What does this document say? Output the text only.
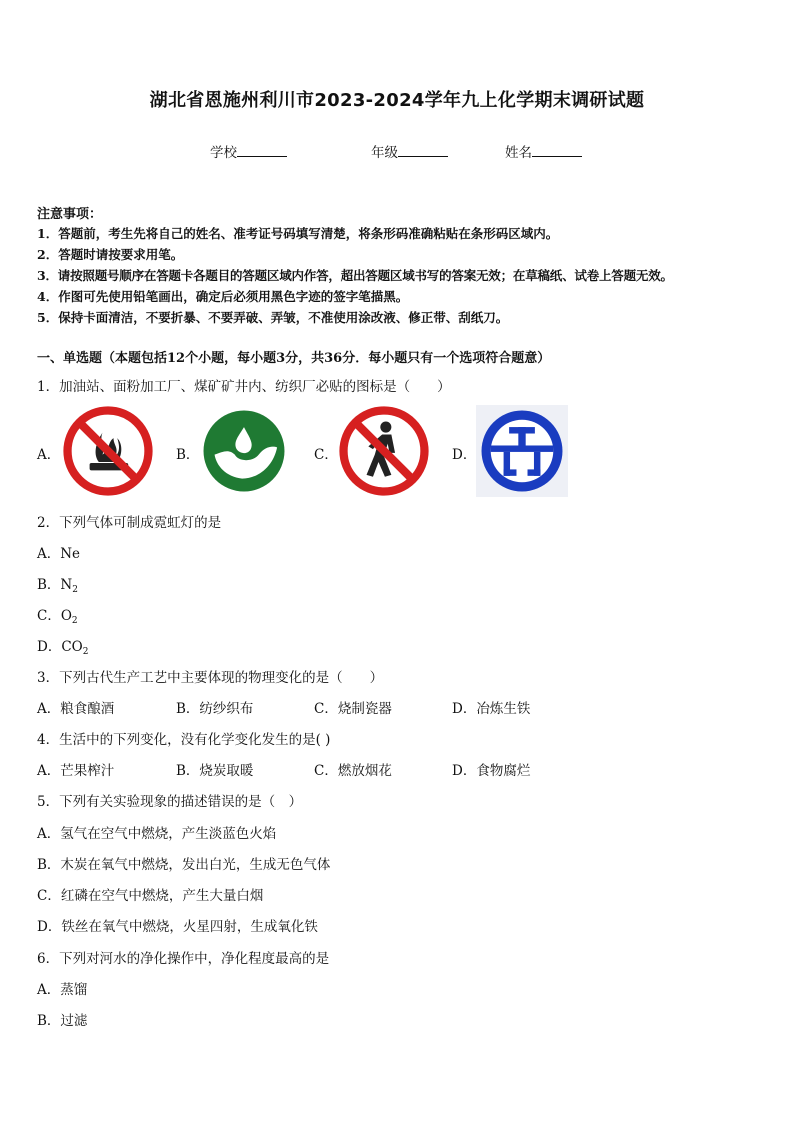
湖北省恩施州利川市2023-2024学年九上化学期末调研试题
学校	年级	姓名
注意事项：
1．答题前，考生先将自己的姓名、准考证号码填写清楚，将条形码准确粘贴在条形码区域内。
2．答题时请按要求用笔。
3．请按照题号顺序在答题卡各题目的答题区域内作答，超出答题区域书写的答案无效；在草稿纸、试卷上答题无效。
4．作图可先使用铅笔画出，确定后必须用黑色字迹的签字笔描黑。
5．保持卡面清洁，不要折暴、不要弄破、弄皱，不准使用涂改液、修正带、刮纸刀。
一、单选题（本题包括12个小题，每小题3分，共36分．每小题只有一个选项符合题意）
1．加油站、面粉加工厂、煤矿矿井内、纺织厂必贴的图标是（　　）
A．	B．	C．	D．
2．下列气体可制成霓虹灯的是
A．Ne
B．$N_2$
C．$O_2$
D．$CO_2$
3．下列古代生产工艺中主要体现的物理变化的是（　　）
A．粮食酿酒	B．纺纱织布	C．烧制瓷器	D．冶炼生铁
4．生活中的下列变化，没有化学变化发生的是( )
A．芒果榨汁	B．烧炭取暖	C．燃放烟花	D．食物腐烂
5．下列有关实验现象的描述错误的是（　）
A．氢气在空气中燃烧，产生淡蓝色火焰
B．木炭在氧气中燃烧，发出白光，生成无色气体
C．红磷在空气中燃烧，产生大量白烟
D．铁丝在氧气中燃烧，火星四射，生成氧化铁
6．下列对河水的净化操作中，净化程度最高的是
A．蒸馏
B．过滤
